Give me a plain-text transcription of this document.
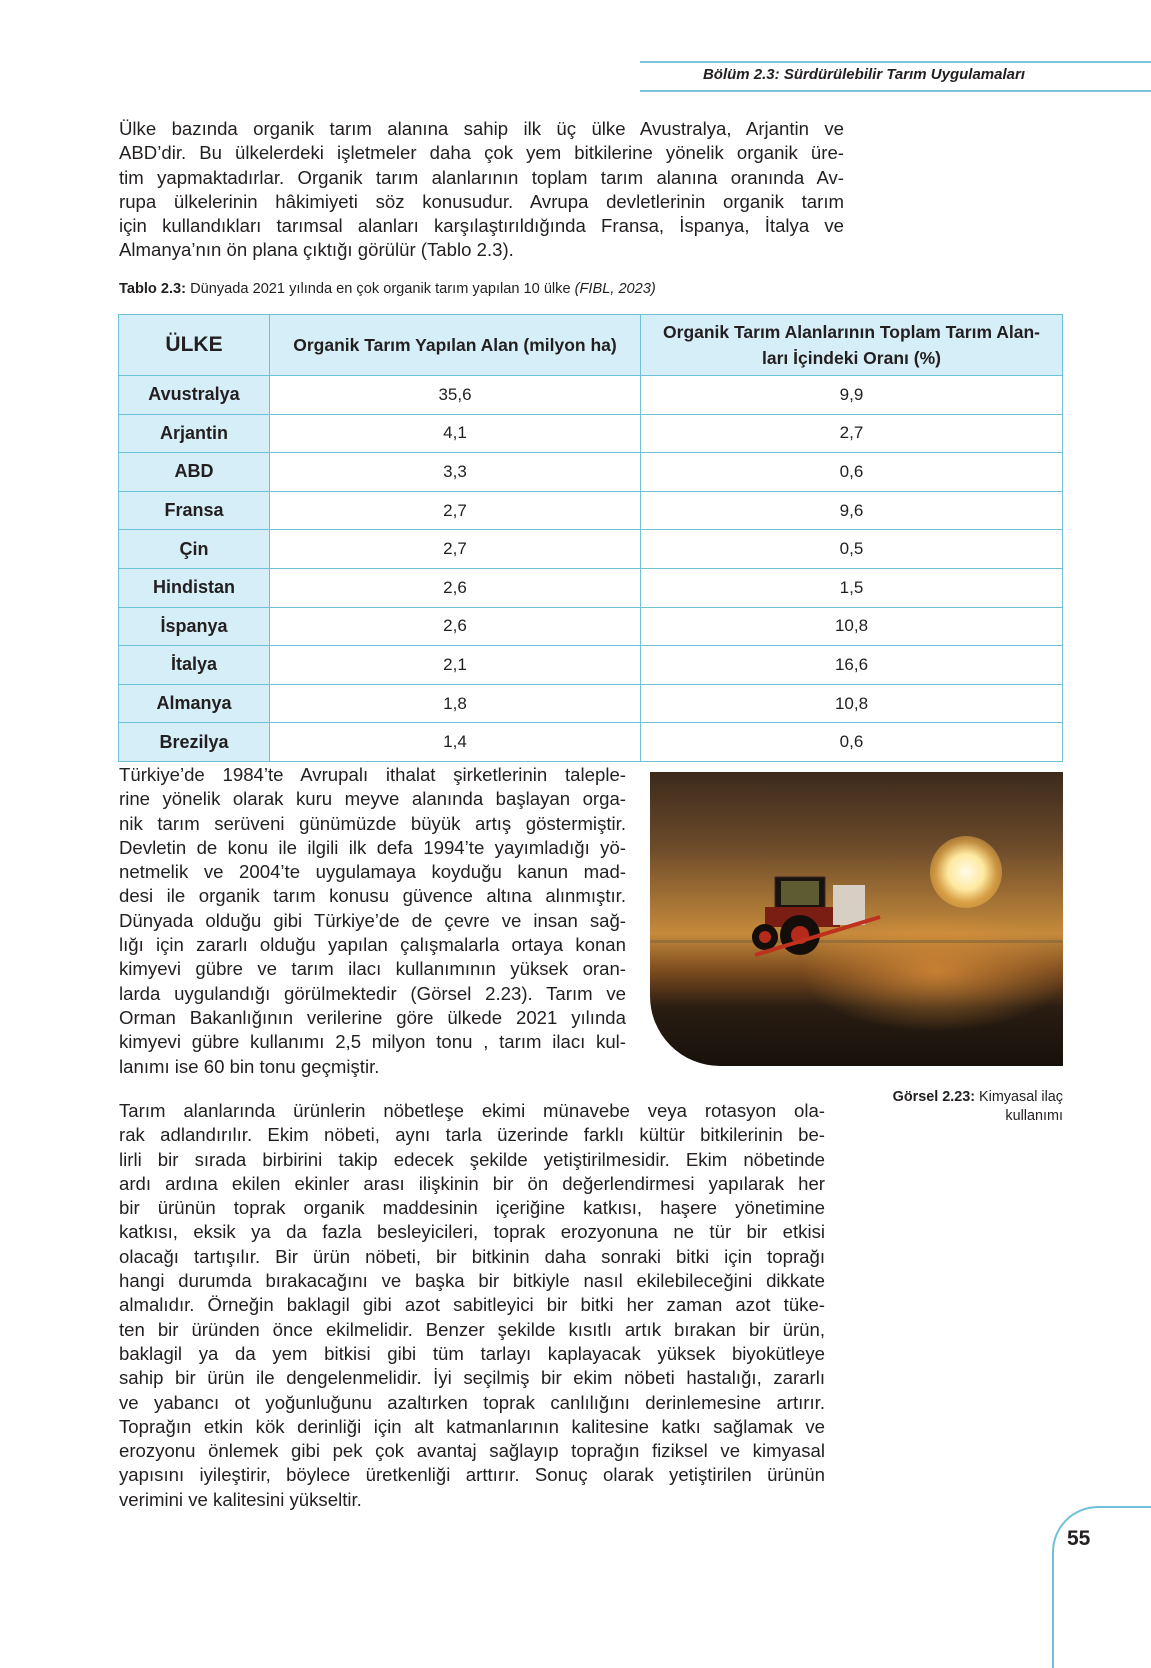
Bölüm 2.3: Sürdürülebilir Tarım Uygulamaları
Ülke bazında organik tarım alanına sahip ilk üç ülke Avustralya, Arjantin ve
ABD’dir. Bu ülkelerdeki işletmeler daha çok yem bitkilerine yönelik organik üre-
tim yapmaktadırlar. Organik tarım alanlarının toplam tarım alanına oranında Av-
rupa ülkelerinin hâkimiyeti söz konusudur. Avrupa devletlerinin organik tarım
için kullandıkları tarımsal alanları karşılaştırıldığında Fransa, İspanya, İtalya ve
Almanya’nın ön plana çıktığı görülür (Tablo 2.3).
Tablo 2.3: Dünyada 2021 yılında en çok organik tarım yapılan 10 ülke (FIBL, 2023)
ÜLKE	Organik Tarım Yapılan Alan (milyon ha)	Organik Tarım Alanlarının Toplam Tarım Alan-
ları İçindeki Oranı (%)
Avustralya	35,6	9,9
Arjantin	4,1	2,7
ABD	3,3	0,6
Fransa	2,7	9,6
Çin	2,7	0,5
Hindistan	2,6	1,5
İspanya	2,6	10,8
İtalya	2,1	16,6
Almanya	1,8	10,8
Brezilya	1,4	0,6
Türkiye’de 1984’te Avrupalı ithalat şirketlerinin taleple-
rine yönelik olarak kuru meyve alanında başlayan orga-
nik tarım serüveni günümüzde büyük artış göstermiştir.
Devletin de konu ile ilgili ilk defa 1994’te yayımladığı yö-
netmelik ve 2004’te uygulamaya koyduğu kanun mad-
desi ile organik tarım konusu güvence altına alınmıştır.
Dünyada olduğu gibi Türkiye’de de çevre ve insan sağ-
lığı için zararlı olduğu yapılan çalışmalarla ortaya konan
kimyevi gübre ve tarım ilacı kullanımının yüksek oran-
larda uygulandığı görülmektedir (Görsel 2.23). Tarım ve
Orman Bakanlığının verilerine göre ülkede 2021 yılında
kimyevi gübre kullanımı 2,5 milyon tonu , tarım ilacı kul-
lanımı ise 60 bin tonu geçmiştir.
Görsel 2.23: Kimyasal ilaç
kullanımı
Tarım alanlarında ürünlerin nöbetleşe ekimi münavebe veya rotasyon ola-
rak adlandırılır. Ekim nöbeti, aynı tarla üzerinde farklı kültür bitkilerinin be-
lirli bir sırada birbirini takip edecek şekilde yetiştirilmesidir. Ekim nöbetinde
ardı ardına ekilen ekinler arası ilişkinin bir ön değerlendirmesi yapılarak her
bir ürünün toprak organik maddesinin içeriğine katkısı, haşere yönetimine
katkısı, eksik ya da fazla besleyicileri, toprak erozyonuna ne tür bir etkisi
olacağı tartışılır. Bir ürün nöbeti, bir bitkinin daha sonraki bitki için toprağı
hangi durumda bırakacağını ve başka bir bitkiyle nasıl ekilebileceğini dikkate
almalıdır. Örneğin baklagil gibi azot sabitleyici bir bitki her zaman azot tüke-
ten bir üründen önce ekilmelidir. Benzer şekilde kısıtlı artık bırakan bir ürün,
baklagil ya da yem bitkisi gibi tüm tarlayı kaplayacak yüksek biyokütleye
sahip bir ürün ile dengelenmelidir. İyi seçilmiş bir ekim nöbeti hastalığı, zararlı
ve yabancı ot yoğunluğunu azaltırken toprak canlılığını derinlemesine artırır.
Toprağın etkin kök derinliği için alt katmanlarının kalitesine katkı sağlamak ve
erozyonu önlemek gibi pek çok avantaj sağlayıp toprağın fiziksel ve kimyasal
yapısını iyileştirir, böylece üretkenliği arttırır. Sonuç olarak yetiştirilen ürünün
verimini ve kalitesini yükseltir.
55
